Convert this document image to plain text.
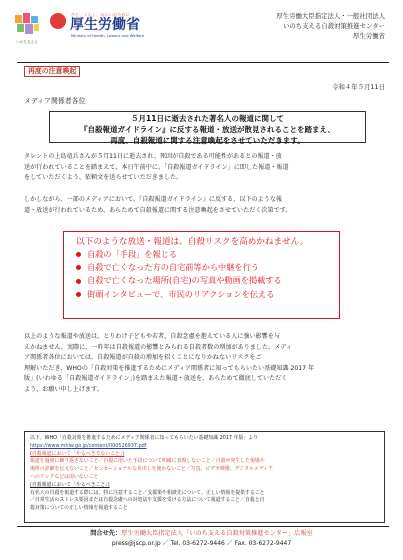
いのち支える
ひと、くらし、みらいのために
厚生労働省
Ministry of Health, Labour and Welfare
厚生労働大臣指定法人・一般社団法人
いのち支える自殺対策推進センター
厚生労働省
再度の注意喚起
令和４年５月11日
メディア関係者各位
５月11日に逝去された著名人の報道に関して
『自殺報道ガイドライン』に反する報道・放送が散見されることを踏まえ、
再度、自殺報道に関する注意喚起をさせていただきます。
タレントの上島竜兵さんが５月11日に逝去され、死因が自殺である可能性があるとの報道・放
送が行われていることを踏まえて、本日午前中に、「自殺報道ガイドライン」に即した報道・報道
をしていただくよう、依頼文を送らせていただきました。
しかしながら、一部のメディアにおいて、『自殺報道ガイドライン』に反する、以下のような報
道・放送が行われているため、あらためて自殺報道に関する注意喚起をさせていただく次第です。
以下のような放送・報道は、自殺リスクを高めかねません。
自殺の「手段」を報じる
自殺で亡くなった方の自宅前等から中継を行う
自殺で亡くなった場所(自宅)の写真や動画を掲載する
街頭インタビューで、市民のリアクションを伝える
以上のような報道や放送は、とりわけ子どもや若者、自殺念慮を抱えている人に強い影響を与
えかねません。実際に、一昨年は自殺報道の影響とみられる自殺者数の増加がありました。メディ
ア関係者各位においては、自殺報道が自殺の増加を招くことになりかねないリスクをご
理解いただき、WHOの「自殺対策を推進するためにメディア関係者に知ってもらいたい基礎知識 2017 年
版」(いわゆる「自殺報道ガイドライン」)を踏まえた報道・放送を、あらためて徹底していただく
よう、お願い申し上げます。
以下、WHO「自殺対策を推進するためにメディア関係者に知ってもらいたい基礎知識 2017 年版」より
https://www.mhlw.go.jp/content/000526937.pdf
(自殺報道において「やるべきでないこと」)
報道を過度に繰り返さないこと／自殺に用いた手段について明確に表現しないこと／自殺が発生した現場や
場所の詳細を伝えないこと／センセーショナルな見出しを使わないこと／写真、ビデオ映像、デジタルメディア
へのリンクなどは用いないこと
(自殺報道において「やるべきこと」)
有名人の自殺を報道する際には、特に注意すること／支援策や相談先について、正しい情報を提供すること
／日常生活のストレス要因または自殺念慮への対処法や支援を受ける方法について報道すること／自殺と自
殺対策についての正しい情報を報道すること
問合せ先：厚生労働大臣指定法人「いのち支える自殺対策推進センター」広報室
press@jscp.or.jp ／ Tel. 03-6272-9446 ／ Fax. 03-6272-9447
